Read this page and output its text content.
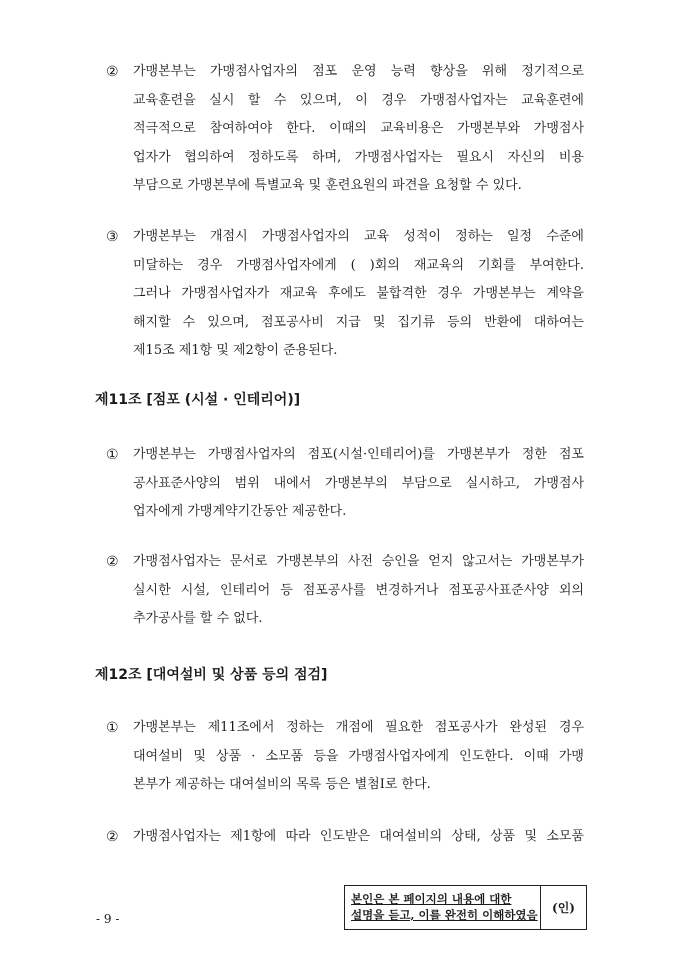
② 가맹본부는 가맹점사업자의 점포 운영 능력 향상을 위해 정기적으로
교육훈련을 실시 할 수 있으며, 이 경우 가맹점사업자는 교육훈련에
적극적으로 참여하여야 한다. 이때의 교육비용은 가맹본부와 가맹점사
업자가 협의하여 정하도록 하며, 가맹점사업자는 필요시 자신의 비용
부담으로 가맹본부에 특별교육 및 훈련요원의 파견을 요청할 수 있다.
③ 가맹본부는 개점시 가맹점사업자의 교육 성적이 정하는 일정 수준에
미달하는 경우 가맹점사업자에게 ( )회의 재교육의 기회를 부여한다.
그러나 가맹점사업자가 재교육 후에도 불합격한 경우 가맹본부는 계약을
해지할 수 있으며, 점포공사비 지급 및 집기류 등의 반환에 대하여는
제15조 제1항 및 제2항이 준용된다.
제11조 [점포 (시설 · 인테리어)]
① 가맹본부는 가맹점사업자의 점포(시설·인테리어)를 가맹본부가 정한 점포
공사표준사양의 범위 내에서 가맹본부의 부담으로 실시하고, 가맹점사
업자에게 가맹계약기간동안 제공한다.
② 가맹점사업자는 문서로 가맹본부의 사전 승인을 얻지 않고서는 가맹본부가
실시한 시설, 인테리어 등 점포공사를 변경하거나 점포공사표준사양 외의
추가공사를 할 수 없다.
제12조 [대여설비 및 상품 등의 점검]
① 가맹본부는 제11조에서 정하는 개점에 필요한 점포공사가 완성된 경우
대여설비 및 상품 · 소모품 등을 가맹점사업자에게 인도한다. 이때 가맹
본부가 제공하는 대여설비의 목록 등은 별첨Ⅰ로 한다.
② 가맹점사업자는 제1항에 따라 인도받은 대여설비의 상태, 상품 및 소모품
- 9 -
본인은 본 페이지의 내용에 대한
설명을 듣고, 이를 완전히 이해하였음	(인)
